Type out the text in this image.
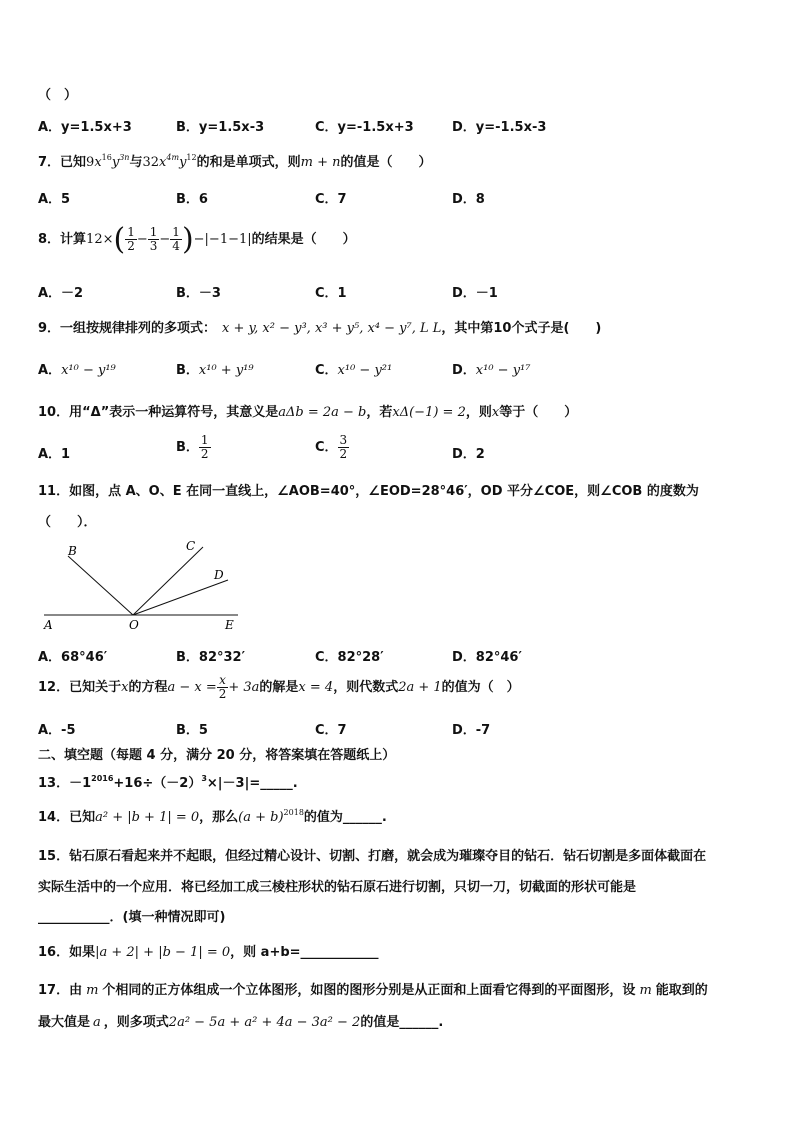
（　）
A．y=1.5x+3	B．y=1.5x-3	C．y=-1.5x+3	D．y=-1.5x-3
7．已知$9x^{16}y^{3n}$与$32x^{4m}y^{12}$的和是单项式，则m + n的值是（　　）
A．5	B．6	C．7	D．8
8．计算$12\times( \frac{1}{2} - \frac{1}{3} - \frac{1}{4} )-|-1-1|$的结果是（　　）
A．－2	B．－3	C．1	D．－1
9．一组按规律排列的多项式： x + y, x² − y³, x³ + y⁵, x⁴ − y⁷, L L，其中第10个式子是(　　)
A．x¹⁰ − y¹⁹	B．x¹⁰ + y¹⁹	C．x¹⁰ − y²¹	D．x¹⁰ − y¹⁷
10．用“Δ”表示一种运算符号，其意义是aΔb = 2a − b，若xΔ(−1) = 2，则x等于（　　）
A．1	B． $\frac{1}{2}$	C． $\frac{3}{2}$	D．2
11．如图，点 A、O、E 在同一直线上，∠AOB=40°，∠EOD=28°46′，OD 平分∠COE，则∠COB 的度数为
（　　）．
B	C
D
A	O	E
A．68°46′	B．82°32′	C．82°28′	D．82°46′
12．已知关于x的方程$a - x = \frac{x}{2} + 3a$的解是x = 4，则代数式2a + 1的值为（　）
A．-5	B．5	C．7	D．-7
二、填空题（每题 4 分，满分 20 分，将答案填在答题纸上）
13．$-1^{2016}+16\div(-2)^3\times|-3|=\_\_\_\_\_$.
14．已知a² + |b + 1| = 0，那么$(a + b)^{2018}$的值为______.
15．钻石原石看起来并不起眼，但经过精心设计、切割、打磨，就会成为璀璨夺目的钻石．钻石切割是多面体截面在
实际生活中的一个应用．将已经加工成三棱柱形状的钻石原石进行切割，只切一刀，切截面的形状可能是
___________．(填一种情况即可)
16．如果|a + 2| + |b − 1| = 0，则 a+b=____________
17．由 m 个相同的正方体组成一个立体图形，如图的图形分别是从正面和上面看它得到的平面图形，设 m 能取到的
最大值是 a ，则多项式2a² − 5a + a² + 4a − 3a² − 2的值是______.
